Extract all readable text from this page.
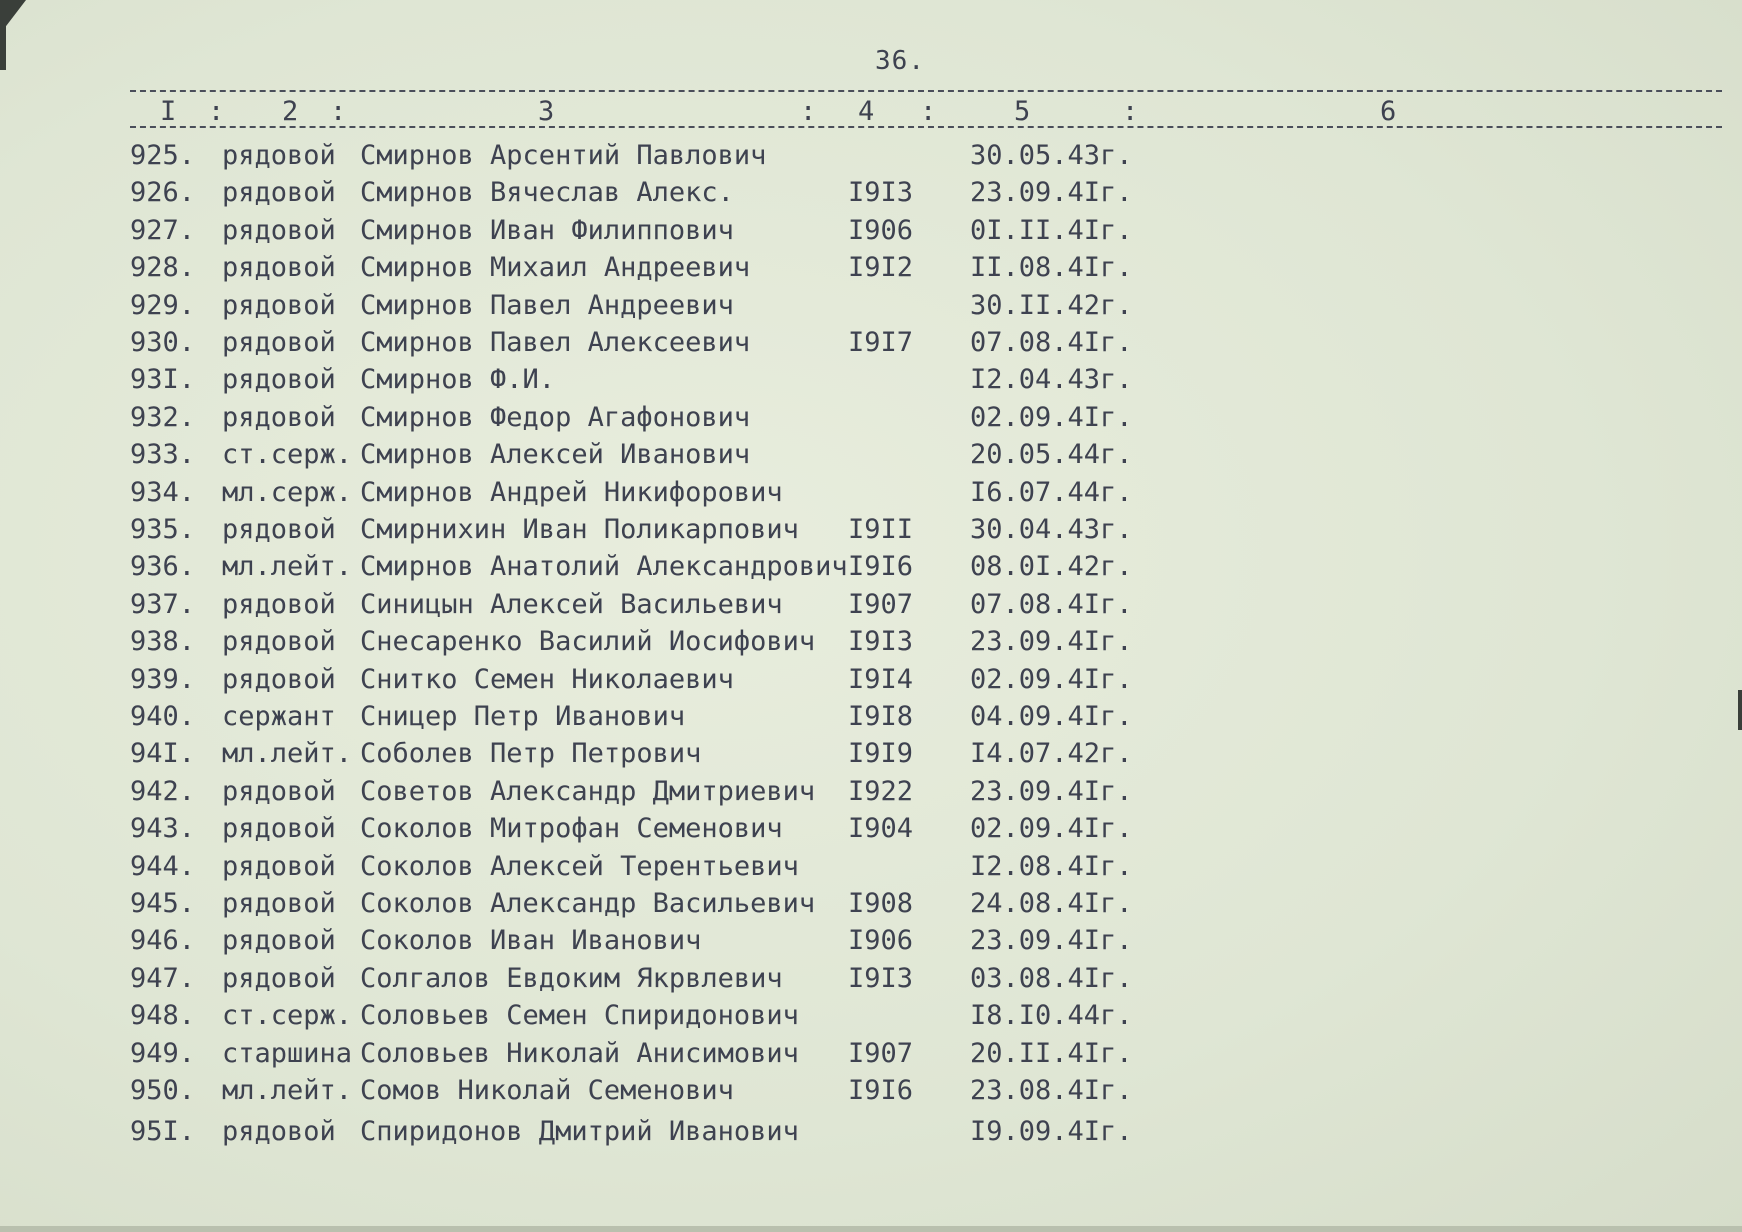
36.
I : 2 :	3	: 4 :	5	:	6
925. рядовой Смирнов Арсентий Павлович	30.05.43г.
926. рядовой Смирнов Вячеслав Алекс.	I9I3 23.09.4Iг.
927. рядовой Смирнов Иван Филиппович	I906 0I.II.4Iг.
928. рядовой Смирнов Михаил Андреевич	I9I2 II.08.4Iг.
929. рядовой Смирнов Павел Андреевич	30.II.42г.
930. рядовой Смирнов Павел Алексеевич	I9I7 07.08.4Iг.
93I. рядовой Смирнов Ф.И.	I2.04.43г.
932. рядовой Смирнов Федор Агафонович	02.09.4Iг.
933. ст.серж. Смирнов Алексей Иванович	20.05.44г.
934. мл.серж. Смирнов Андрей Никифорович	I6.07.44г.
935. рядовой Смирнихин Иван Поликарпович I9II 30.04.43г.
936. мл.лейт. Смирнов Анатолий Александрович I9I6 08.0I.42г.
937. рядовой Синицын Алексей Васильевич I907 07.08.4Iг.
938. рядовой Снесаренко Василий Иосифович I9I3 23.09.4Iг.
939. рядовой Снитко Семен Николаевич	I9I4 02.09.4Iг.
940. сержант Сницер Петр Иванович	I9I8 04.09.4Iг.
94I. мл.лейт. Соболев Петр Петрович	I9I9 I4.07.42г.
942. рядовой Советов Александр Дмитриевич I922 23.09.4Iг.
943. рядовой Соколов Митрофан Семенович I904 02.09.4Iг.
944. рядовой Соколов Алексей Терентьевич	I2.08.4Iг.
945. рядовой Соколов Александр Васильевич I908 24.08.4Iг.
946. рядовой Соколов Иван Иванович	I906 23.09.4Iг.
947. рядовой Солгалов Евдоким Якрвлевич I9I3 03.08.4Iг.
948. ст.серж. Соловьев Семен Спиридонович	I8.I0.44г.
949. старшина Соловьев Николай Анисимович I907 20.II.4Iг.
950. мл.лейт. Сомов Николай Семенович	I9I6 23.08.4Iг.
95I. рядовой Спиридонов Дмитрий Иванович	I9.09.4Iг.
